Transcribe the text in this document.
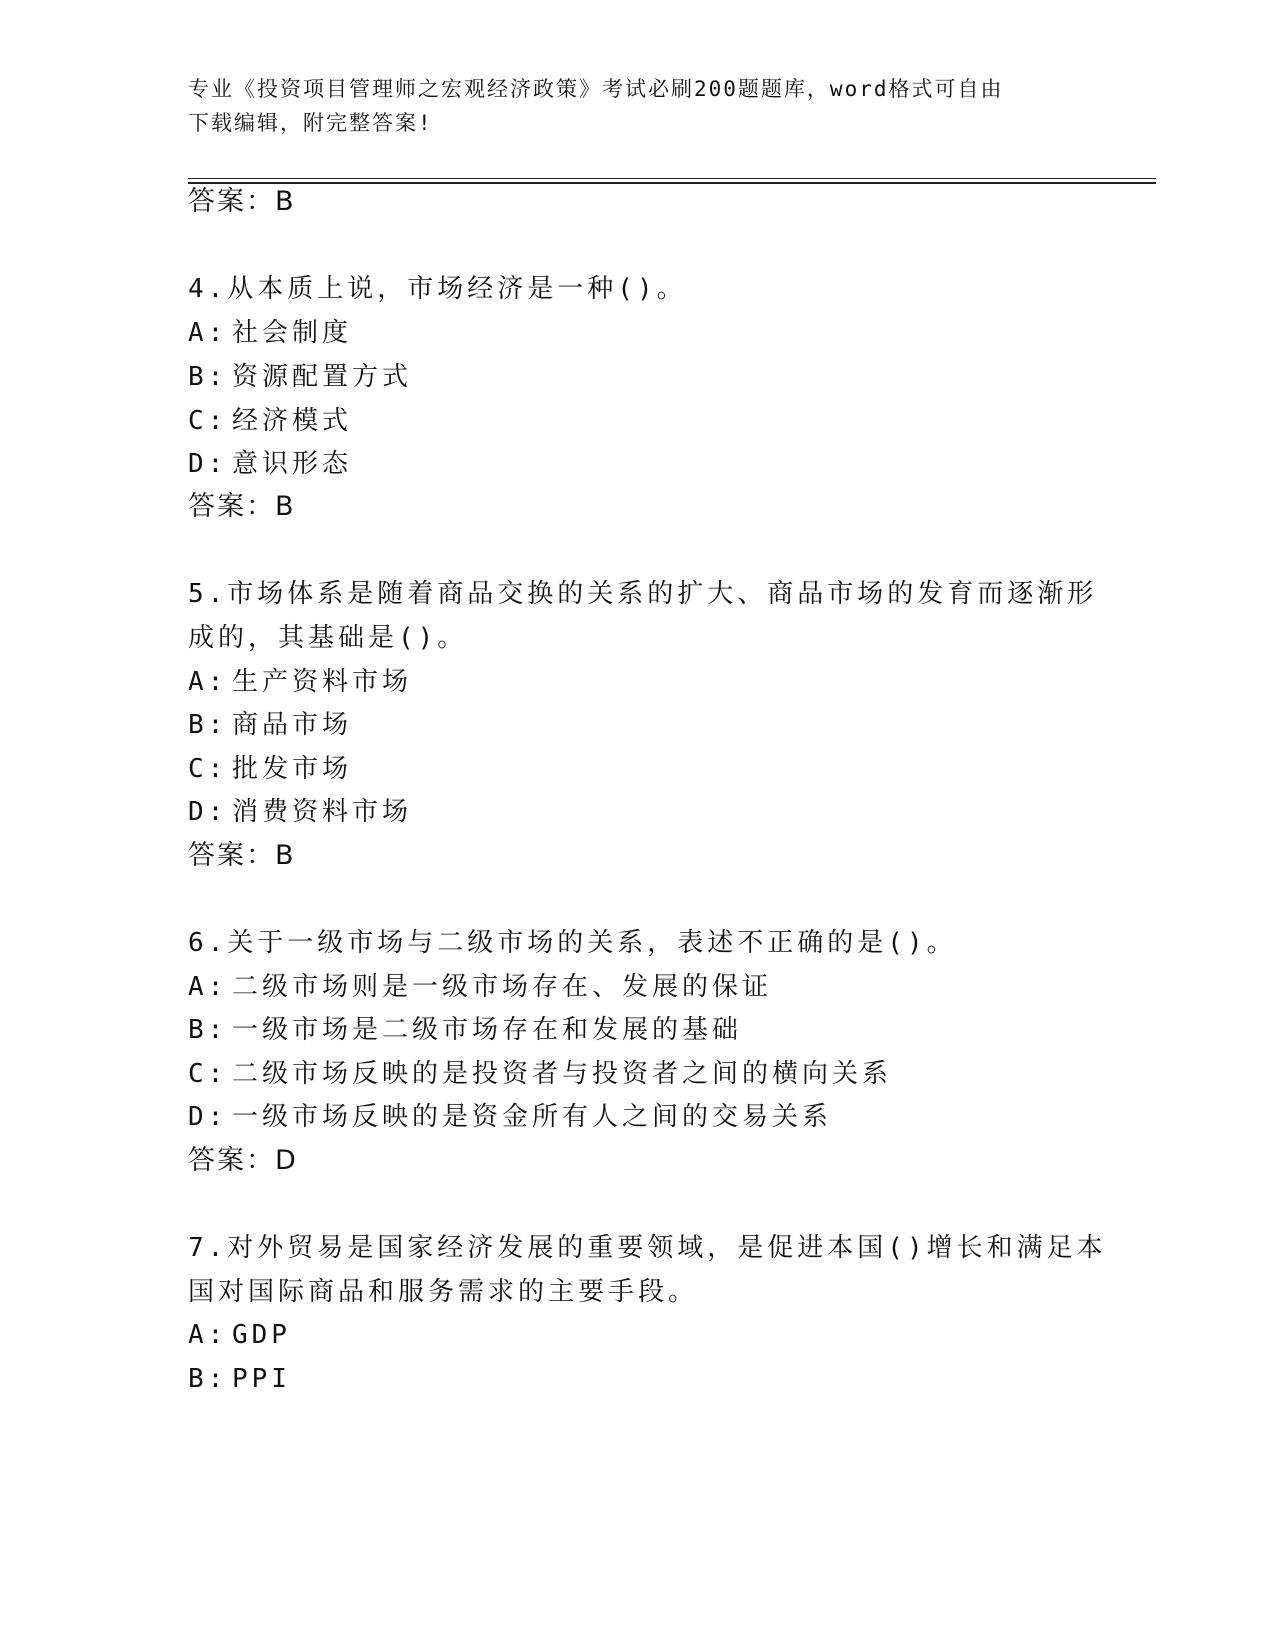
专业《投资项目管理师之宏观经济政策》考试必刷200题题库，word格式可自由
下载编辑，附完整答案!
答案：B
4.从本质上说，市场经济是一种()。
A: 社会制度
B: 资源配置方式
C: 经济模式
D: 意识形态
答案：B
5.市场体系是随着商品交换的关系的扩大、商品市场的发育而逐渐形
成的，其基础是()。
A: 生产资料市场
B: 商品市场
C: 批发市场
D: 消费资料市场
答案：B
6.关于一级市场与二级市场的关系，表述不正确的是()。
A: 二级市场则是一级市场存在、发展的保证
B: 一级市场是二级市场存在和发展的基础
C: 二级市场反映的是投资者与投资者之间的横向关系
D: 一级市场反映的是资金所有人之间的交易关系
答案：D
7.对外贸易是国家经济发展的重要领域，是促进本国()增长和满足本
国对国际商品和服务需求的主要手段。
A: GDP
B: PPI
